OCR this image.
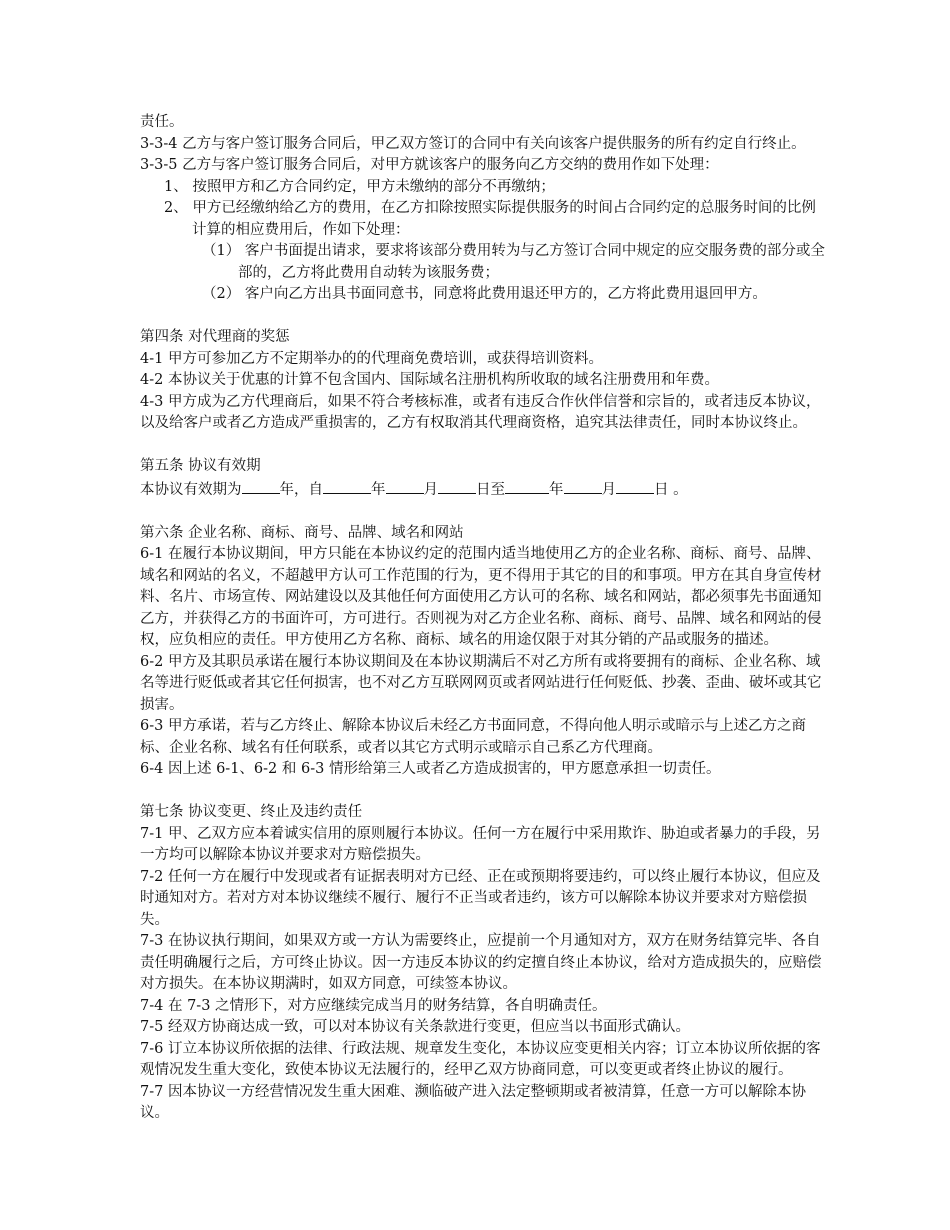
责任。

3-3-4 乙方与客户签订服务合同后，甲乙双方签订的合同中有关向该客户提供服务的所有约定自行终止。

3-3-5 乙方与客户签订服务合同后，对甲方就该客户的服务向乙方交纳的费用作如下处理：

1、 按照甲方和乙方合同约定，甲方未缴纳的部分不再缴纳；

2、 甲方已经缴纳给乙方的费用，在乙方扣除按照实际提供服务的时间占合同约定的总服务时间的比例计算的相应费用后，作如下处理：

（1） 客户书面提出请求，要求将该部分费用转为与乙方签订合同中规定的应交服务费的部分或全部的，乙方将此费用自动转为该服务费；

（2） 客户向乙方出具书面同意书，同意将此费用退还甲方的，乙方将此费用退回甲方。

第四条 对代理商的奖惩

4-1 甲方可参加乙方不定期举办的的代理商免费培训，或获得培训资料。

4-2 本协议关于优惠的计算不包含国内、国际域名注册机构所收取的域名注册费用和年费。

4-3 甲方成为乙方代理商后，如果不符合考核标准，或者有违反合作伙伴信誉和宗旨的，或者违反本协议，以及给客户或者乙方造成严重损害的，乙方有权取消其代理商资格，追究其法律责任，同时本协议终止。

第五条 协议有效期

本协议有效期为	年，自	年	月	日至	年	月	日 。

第六条 企业名称、商标、商号、品牌、域名和网站

6-1 在履行本协议期间，甲方只能在本协议约定的范围内适当地使用乙方的企业名称、商标、商号、品牌、域名和网站的名义，不超越甲方认可工作范围的行为，更不得用于其它的目的和事项。甲方在其自身宣传材料、名片、市场宣传、网站建设以及其他任何方面使用乙方认可的名称、域名和网站，都必须事先书面通知乙方，并获得乙方的书面许可，方可进行。否则视为对乙方企业名称、商标、商号、品牌、域名和网站的侵权，应负相应的责任。甲方使用乙方名称、商标、域名的用途仅限于对其分销的产品或服务的描述。

6-2 甲方及其职员承诺在履行本协议期间及在本协议期满后不对乙方所有或将要拥有的商标、企业名称、域名等进行贬低或者其它任何损害，也不对乙方互联网网页或者网站进行任何贬低、抄袭、歪曲、破坏或其它损害。

6-3 甲方承诺，若与乙方终止、解除本协议后未经乙方书面同意，不得向他人明示或暗示与上述乙方之商标、企业名称、域名有任何联系，或者以其它方式明示或暗示自己系乙方代理商。

6-4 因上述 6-1、6-2 和 6-3 情形给第三人或者乙方造成损害的，甲方愿意承担一切责任。

第七条 协议变更、终止及违约责任

7-1 甲、乙双方应本着诚实信用的原则履行本协议。任何一方在履行中采用欺诈、胁迫或者暴力的手段，另一方均可以解除本协议并要求对方赔偿损失。

7-2 任何一方在履行中发现或者有证据表明对方已经、正在或预期将要违约，可以终止履行本协议，但应及时通知对方。若对方对本协议继续不履行、履行不正当或者违约，该方可以解除本协议并要求对方赔偿损失。

7-3 在协议执行期间，如果双方或一方认为需要终止，应提前一个月通知对方，双方在财务结算完毕、各自责任明确履行之后，方可终止协议。因一方违反本协议的约定擅自终止本协议，给对方造成损失的，应赔偿对方损失。在本协议期满时，如双方同意，可续签本协议。

7-4 在 7-3 之情形下，对方应继续完成当月的财务结算，各自明确责任。

7-5 经双方协商达成一致，可以对本协议有关条款进行变更，但应当以书面形式确认。

7-6 订立本协议所依据的法律、行政法规、规章发生变化，本协议应变更相关内容；订立本协议所依据的客观情况发生重大变化，致使本协议无法履行的，经甲乙双方协商同意，可以变更或者终止协议的履行。

7-7 因本协议一方经营情况发生重大困难、濒临破产进入法定整顿期或者被清算，任意一方可以解除本协议。
